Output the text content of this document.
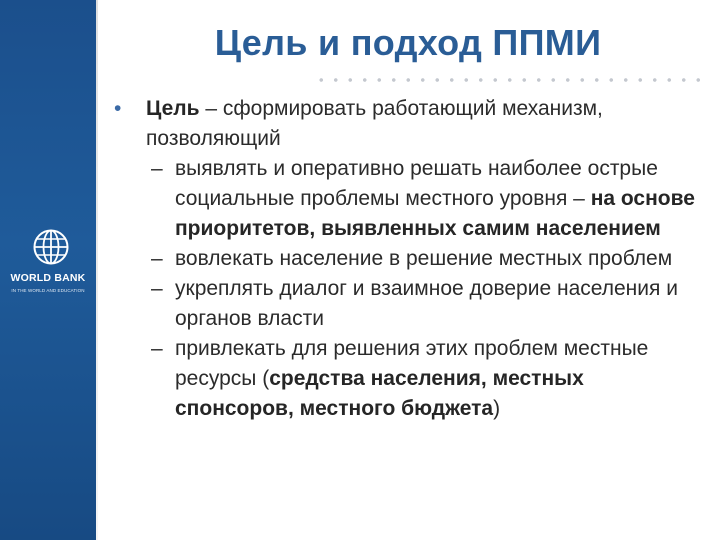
WORLD BANK
IN THE WORLD AND EDUCATION
Цель и подход ППМИ
• Цель – сформировать работающий механизм, позволяющий
– выявлять и оперативно решать наиболее острые социальные проблемы местного уровня – на основе приоритетов, выявленных самим населением
– вовлекать население в решение местных проблем
– укреплять диалог и взаимное доверие населения и органов власти
– привлекать для решения этих проблем местные ресурсы (средства населения, местных спонсоров, местного бюджета)
